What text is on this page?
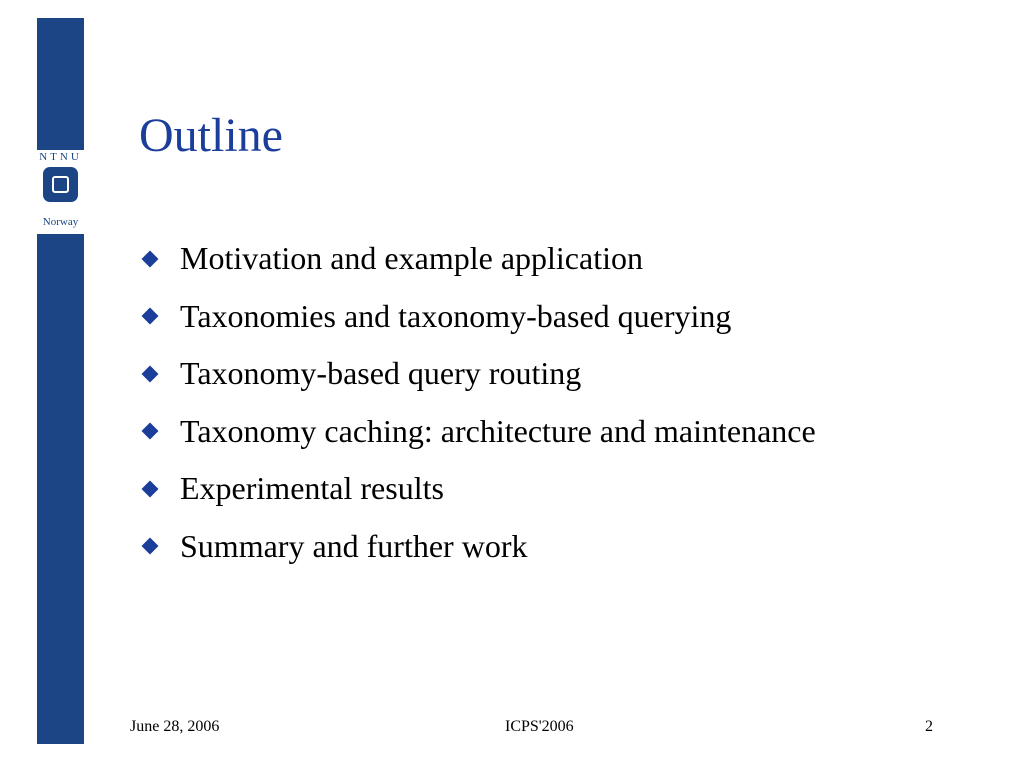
NTNU
Norway
Outline
Motivation and example application
Taxonomies and taxonomy-based querying
Taxonomy-based query routing
Taxonomy caching: architecture and maintenance
Experimental results
Summary and further work
June 28, 2006	ICPS'2006	2
